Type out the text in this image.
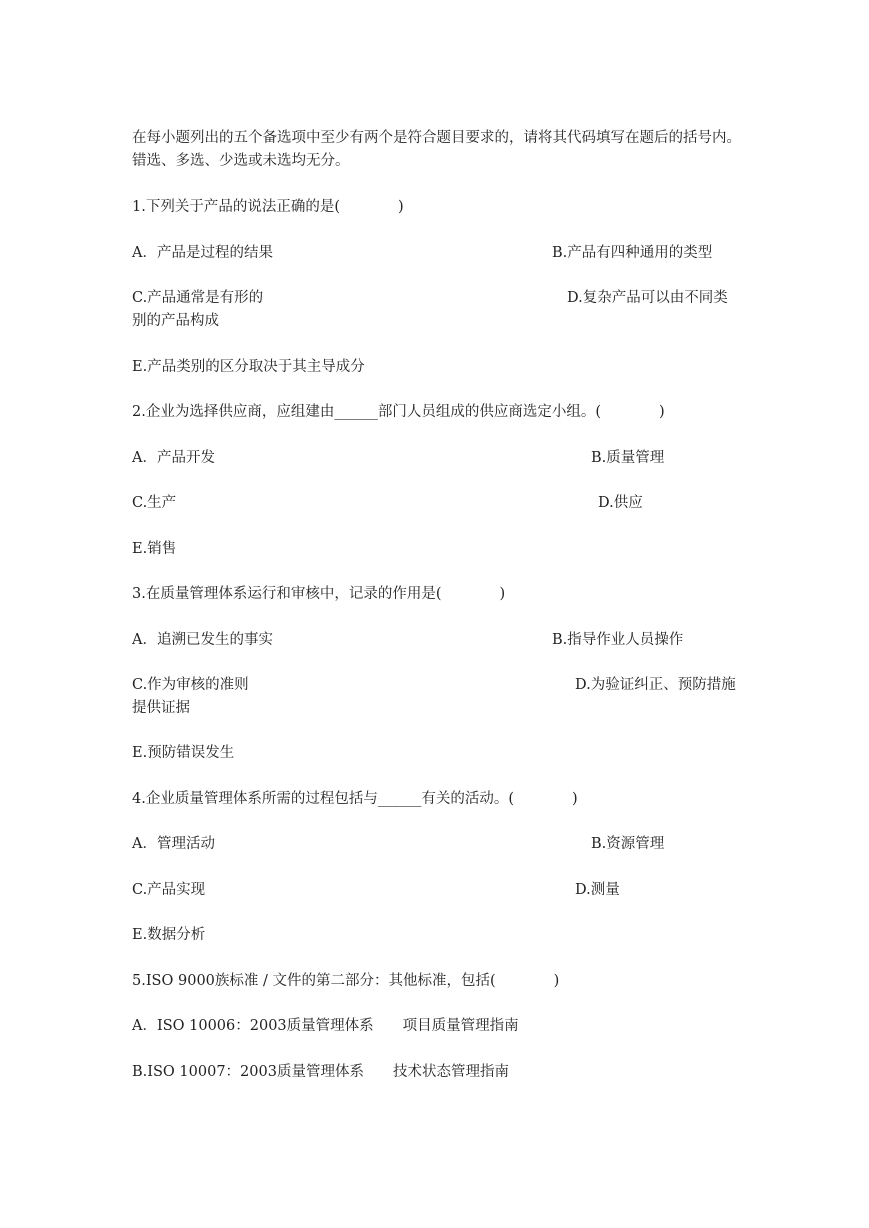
在每小题列出的五个备选项中至少有两个是符合题目要求的，请将其代码填写在题后的括号内。错选、多选、少选或未选均无分。
1.下列关于产品的说法正确的是(　　　　)
A．产品是过程的结果	B.产品有四种通用的类型
C.产品通常是有形的	D.复杂产品可以由不同类
别的产品构成
E.产品类别的区分取决于其主导成分
2.企业为选择供应商，应组建由______部门人员组成的供应商选定小组。(　　　　)
A．产品开发	B.质量管理
C.生产	D.供应
E.销售
3.在质量管理体系运行和审核中，记录的作用是(　　　　)
A．追溯已发生的事实	B.指导作业人员操作
C.作为审核的准则	D.为验证纠正、预防措施
提供证据
E.预防错误发生
4.企业质量管理体系所需的过程包括与______有关的活动。(　　　　)
A．管理活动	B.资源管理
C.产品实现	D.测量
E.数据分析
5.ISO 9000族标准 / 文件的第二部分：其他标准，包括(　　　　)
A．ISO 10006：2003质量管理体系　　项目质量管理指南
B.ISO 10007：2003质量管理体系　　技术状态管理指南
